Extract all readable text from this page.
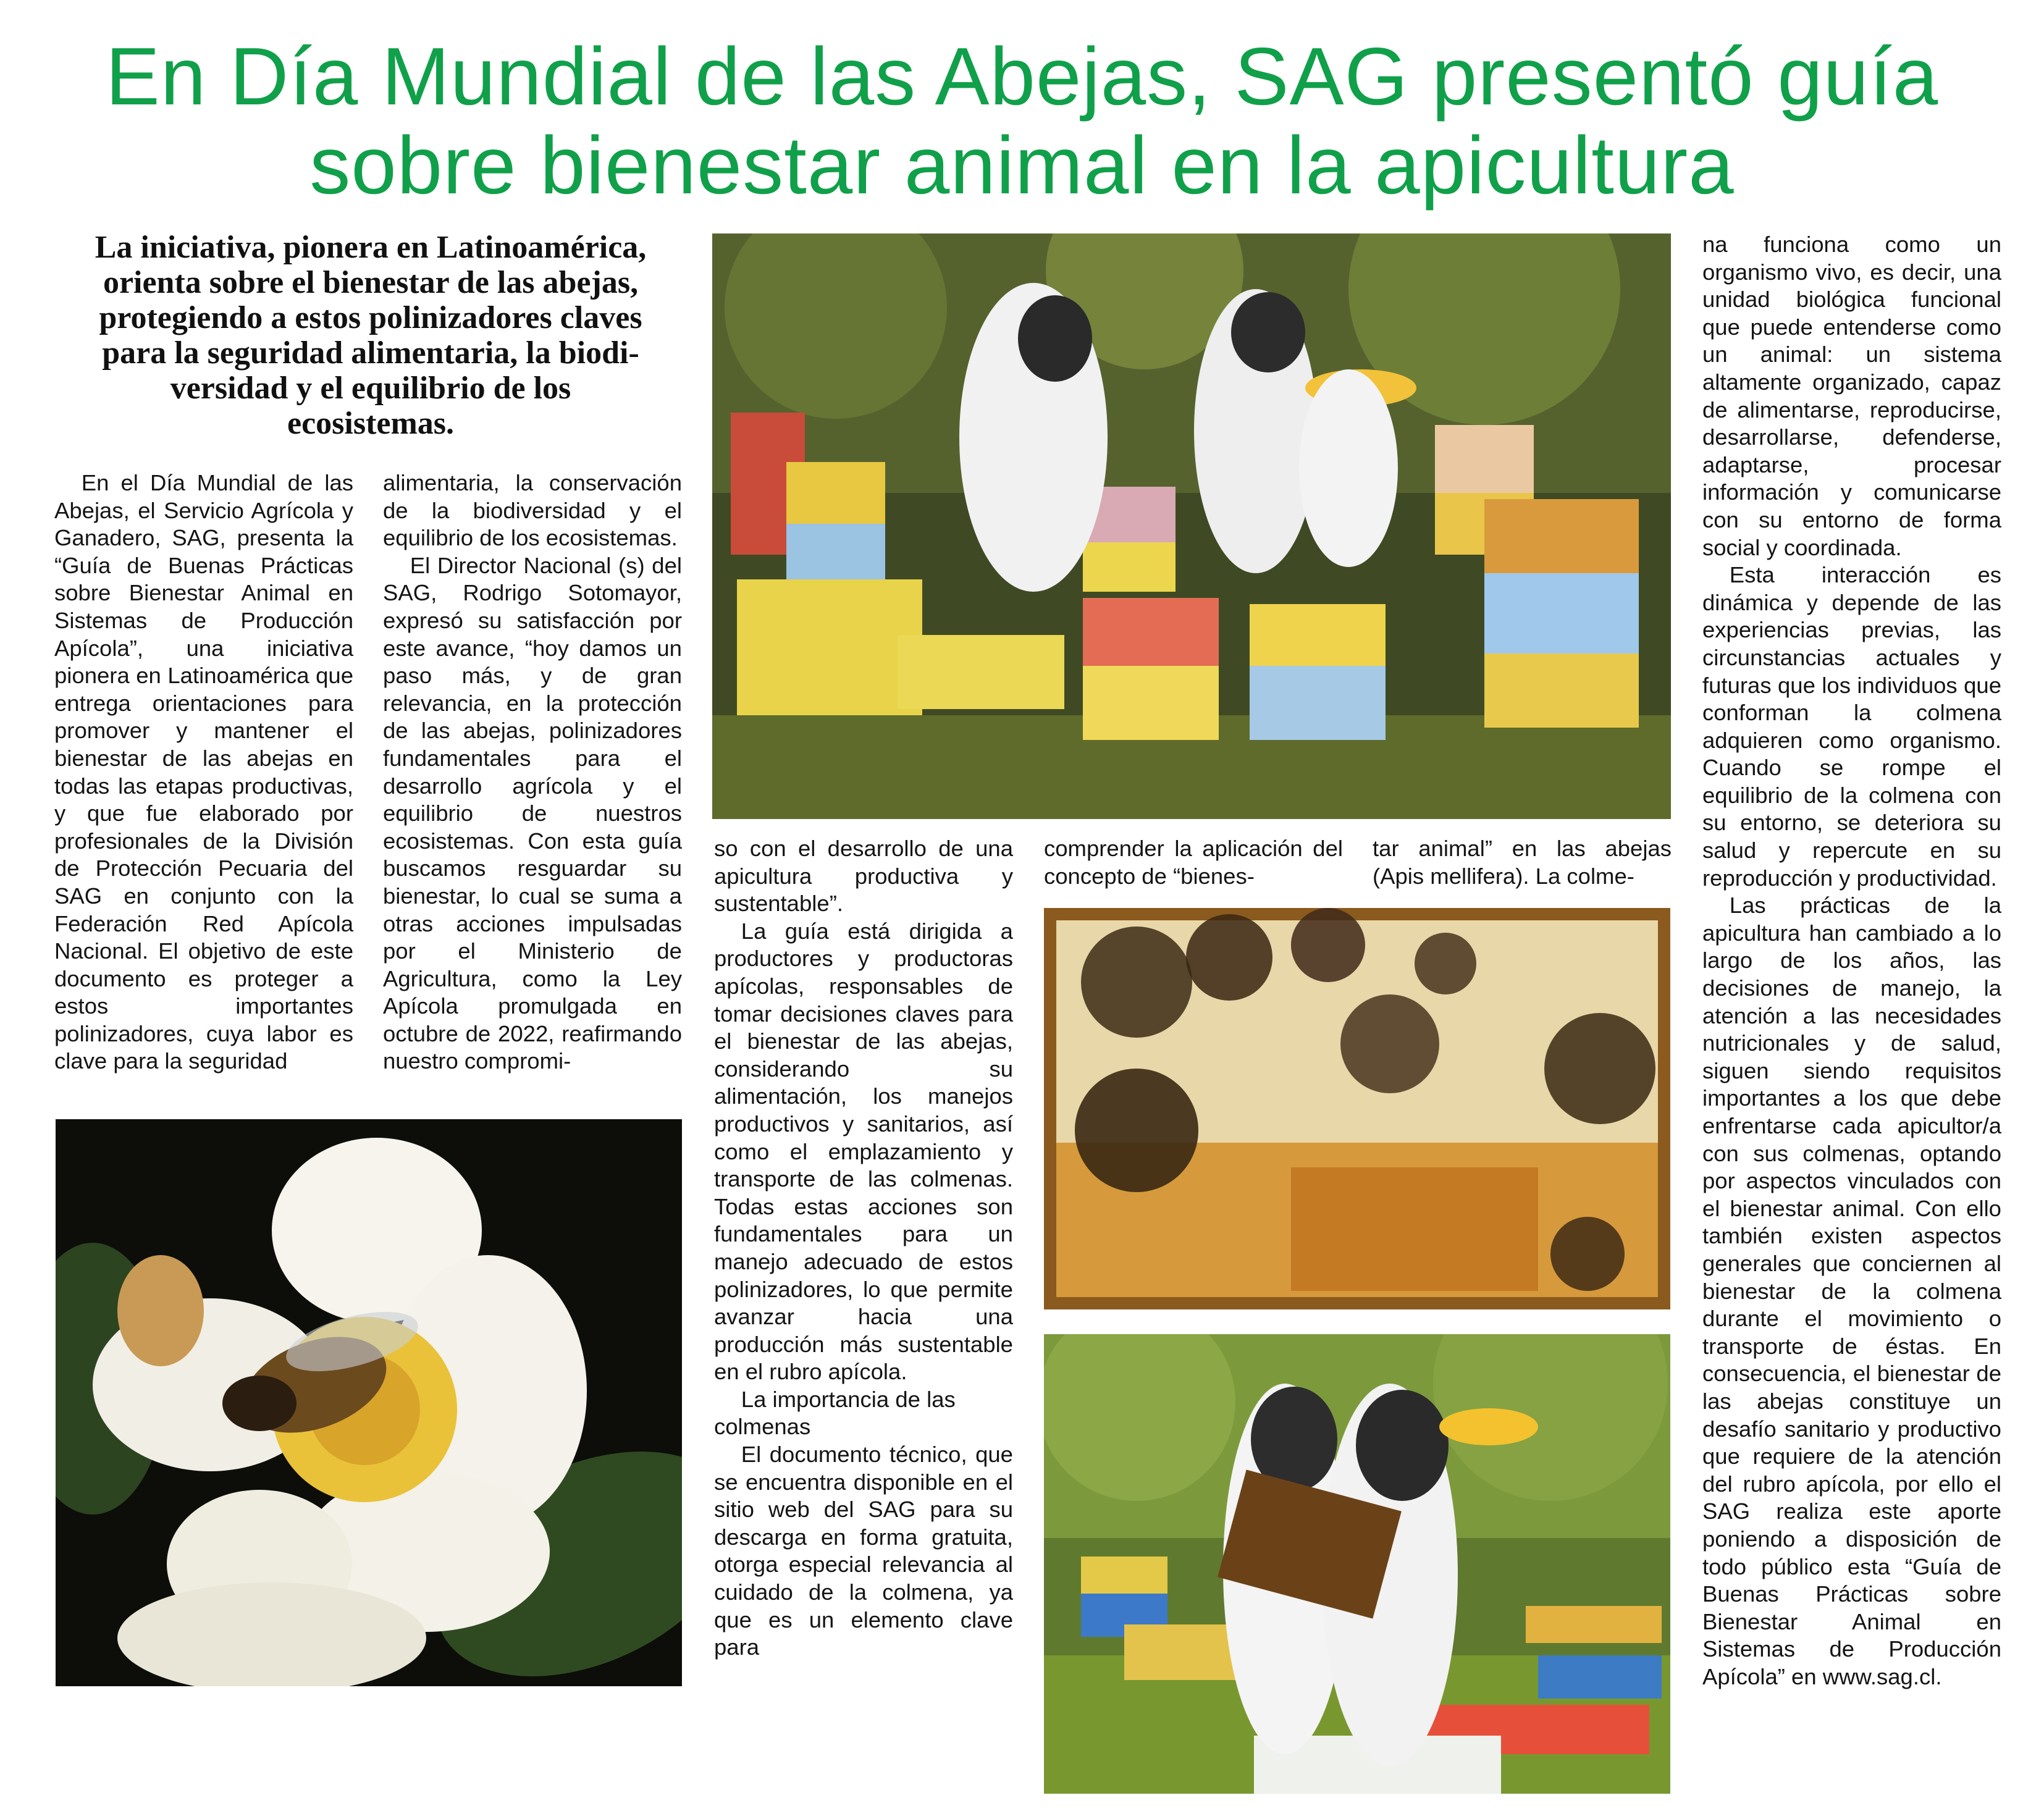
En Día Mundial de las Abejas, SAG presentó guía
sobre bienestar animal en la apicultura
La iniciativa, pionera en Latinoamérica,
orienta sobre el bienestar de las abejas,
protegiendo a estos polinizadores claves
para la seguridad alimentaria, la biodi-
versidad y el equilibrio de los
ecosistemas.

En el Día Mundial de las Abejas, el Servicio Agrícola y Ganadero, SAG, presenta la “Guía de Buenas Prácticas sobre Bienestar Animal en Sistemas de Producción Apícola”, una iniciativa pionera en Latinoamérica que entrega orientaciones para promover y mantener el bienestar de las abejas en todas las etapas productivas, y que fue elaborado por profesionales de la División de Protección Pecuaria del SAG en conjunto con la Federación Red Apícola Nacional. El objetivo de este documento es proteger a estos importantes polinizadores, cuya labor es clave para la seguridad

alimentaria, la conservación de la biodiversidad y el equilibrio de los ecosistemas.

El Director Nacional (s) del SAG, Rodrigo Sotomayor, expresó su satisfacción por este avance, “hoy damos un paso más, y de gran relevancia, en la protección de las abejas, polinizadores fundamentales para el desarrollo agrícola y el equilibrio de nuestros ecosistemas. Con esta guía buscamos resguardar su bienestar, lo cual se suma a otras acciones impulsadas por el Ministerio de Agricultura, como la Ley Apícola promulgada en octubre de 2022, reafirmando nuestro compromi-

so con el desarrollo de una apicultura productiva y sustentable”.

La guía está dirigida a productores y productoras apícolas, responsables de tomar decisiones claves para el bienestar de las abejas, considerando su alimentación, los manejos productivos y sanitarios, así como el emplazamiento y transporte de las colmenas. Todas estas acciones son fundamentales para un manejo adecuado de estos polinizadores, lo que permite avanzar hacia una producción más sustentable en el rubro apícola.

La importancia de las colmenas

El documento técnico, que se encuentra disponible en el sitio web del SAG para su descarga en forma gratuita, otorga especial relevancia al cuidado de la colmena, ya que es un elemento clave para

comprender la aplicación del concepto de “bienes-

tar animal” en las abejas (Apis mellifera). La colme-

na funciona como un organismo vivo, es decir, una unidad biológica funcional que puede entenderse como un animal: un sistema altamente organizado, capaz de alimentarse, reproducirse, desarrollarse, defenderse, adaptarse, procesar información y comunicarse con su entorno de forma social y coordinada.

Esta interacción es dinámica y depende de las experiencias previas, las circunstancias actuales y futuras que los individuos que conforman la colmena adquieren como organismo. Cuando se rompe el equilibrio de la colmena con su entorno, se deteriora su salud y repercute en su reproducción y productividad.

Las prácticas de la apicultura han cambiado a lo largo de los años, las decisiones de manejo, la atención a las necesidades nutricionales y de salud, siguen siendo requisitos importantes a los que debe enfrentarse cada apicultor/a con sus colmenas, optando por aspectos vinculados con el bienestar animal. Con ello también existen aspectos generales que conciernen al bienestar de la colmena durante el movimiento o transporte de éstas. En consecuencia, el bienestar de las abejas constituye un desafío sanitario y productivo que requiere de la atención del rubro apícola, por ello el SAG realiza este aporte poniendo a disposición de todo público esta “Guía de Buenas Prácticas sobre Bienestar Animal en Sistemas de Producción Apícola” en www.sag.cl.
